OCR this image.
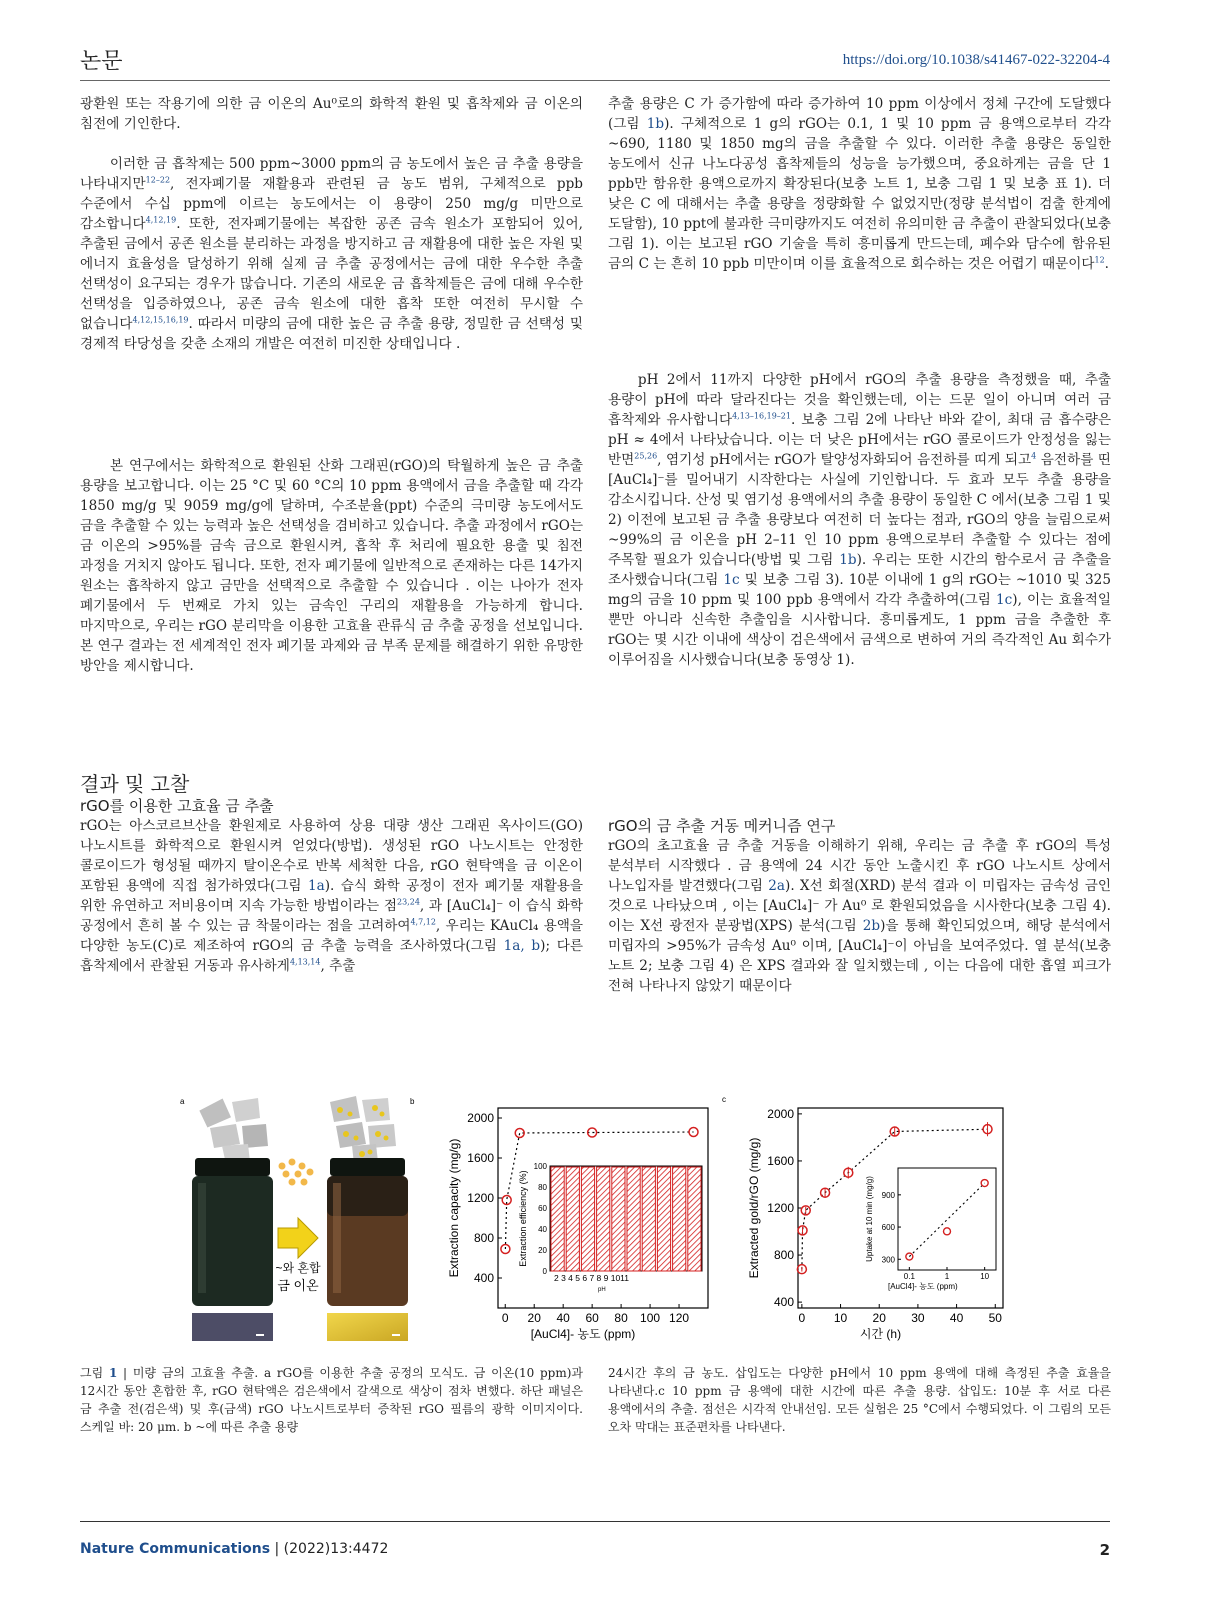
논문	https://doi.org/10.1038/s41467-022-32204-4

광환원 또는 작용기에 의한 금 이온의 Au⁰로의 화학적 환원 및 흡착제와 금 이온의 침전에 기인한다.

이러한 금 흡착제는 500 ppm~3000 ppm의 금 농도에서 높은 금 추출 용량을 나타내지만$^{12-22}$, 전자폐기물 재활용과 관련된 금 농도 범위, 구체적으로 ppb 수준에서 수십 ppm에 이르는 농도에서는 이 용량이 250 mg/g 미만으로 감소합니다$^{4,12,19}$. 또한, 전자폐기물에는 복잡한 공존 금속 원소가 포함되어 있어, 추출된 금에서 공존 원소를 분리하는 과정을 방지하고 금 재활용에 대한 높은 자원 및 에너지 효율성을 달성하기 위해 실제 금 추출 공정에서는 금에 대한 우수한 추출 선택성이 요구되는 경우가 많습니다. 기존의 새로운 금 흡착제들은 금에 대해 우수한 선택성을 입증하였으나, 공존 금속 원소에 대한 흡착 또한 여전히 무시할 수 없습니다$^{4,12,15,16,19}$. 따라서 미량의 금에 대한 높은 금 추출 용량, 정밀한 금 선택성 및 경제적 타당성을 갖춘 소재의 개발은 여전히 미진한 상태입니다 .

본 연구에서는 화학적으로 환원된 산화 그래핀(rGO)의 탁월하게 높은 금 추출 용량을 보고합니다. 이는 25 °C 및 60 °C의 10 ppm 용액에서 금을 추출할 때 각각 1850 mg/g 및 9059 mg/g에 달하며, 수조분율(ppt) 수준의 극미량 농도에서도 금을 추출할 수 있는 능력과 높은 선택성을 겸비하고 있습니다. 추출 과정에서 rGO는 금 이온의 >95%를 금속 금으로 환원시켜, 흡착 후 처리에 필요한 용출 및 침전 과정을 거치지 않아도 됩니다. 또한, 전자 폐기물에 일반적으로 존재하는 다른 14가지 원소는 흡착하지 않고 금만을 선택적으로 추출할 수 있습니다 . 이는 나아가 전자 폐기물에서 두 번째로 가치 있는 금속인 구리의 재활용을 가능하게 합니다. 마지막으로, 우리는 rGO 분리막을 이용한 고효율 관류식 금 추출 공정을 선보입니다. 본 연구 결과는 전 세계적인 전자 폐기물 과제와 금 부족 문제를 해결하기 위한 유망한 방안을 제시합니다.

추출 용량은 C 가 증가함에 따라 증가하여 10 ppm 이상에서 정체 구간에 도달했다(그림 1b). 구체적으로 1 g의 rGO는 0.1, 1 및 10 ppm 금 용액으로부터 각각 ~690, 1180 및 1850 mg의 금을 추출할 수 있다. 이러한 추출 용량은 동일한 농도에서 신규 나노다공성 흡착제들의 성능을 능가했으며, 중요하게는 금을 단 1 ppb만 함유한 용액으로까지 확장된다(보충 노트 1, 보충 그림 1 및 보충 표 1). 더 낮은 C 에 대해서는 추출 용량을 정량화할 수 없었지만(정량 분석법이 검출 한계에 도달함), 10 ppt에 불과한 극미량까지도 여전히 유의미한 금 추출이 관찰되었다(보충 그림 1). 이는 보고된 rGO 기술을 특히 흥미롭게 만드는데, 폐수와 담수에 함유된 금의 C 는 흔히 10 ppb 미만이며 이를 효율적으로 회수하는 것은 어렵기 때문이다$^{12}$.

pH 2에서 11까지 다양한 pH에서 rGO의 추출 용량을 측정했을 때, 추출 용량이 pH에 따라 달라진다는 것을 확인했는데, 이는 드문 일이 아니며 여러 금 흡착제와 유사합니다$^{4,13-16,19-21}$. 보충 그림 2에 나타난 바와 같이, 최대 금 흡수량은 pH ≈ 4에서 나타났습니다. 이는 더 낮은 pH에서는 rGO 콜로이드가 안정성을 잃는 반면$^{25,26}$, 염기성 pH에서는 rGO가 탈양성자화되어 음전하를 띠게 되고$^4$ 음전하를 띤 [AuCl₄]⁻를 밀어내기 시작한다는 사실에 기인합니다. 두 효과 모두 추출 용량을 감소시킵니다. 산성 및 염기성 용액에서의 추출 용량이 동일한 C 에서(보충 그림 1 및 2) 이전에 보고된 금 추출 용량보다 여전히 더 높다는 점과, rGO의 양을 늘림으로써 ~99%의 금 이온을 pH 2–11 인 10 ppm 용액으로부터 추출할 수 있다는 점에 주목할 필요가 있습니다(방법 및 그림 1b). 우리는 또한 시간의 함수로서 금 추출을 조사했습니다(그림 1c 및 보충 그림 3). 10분 이내에 1 g의 rGO는 ~1010 및 325 mg의 금을 10 ppm 및 100 ppb 용액에서 각각 추출하여(그림 1c), 이는 효율적일 뿐만 아니라 신속한 추출임을 시사합니다. 흥미롭게도, 1 ppm 금을 추출한 후 rGO는 몇 시간 이내에 색상이 검은색에서 금색으로 변하여 거의 즉각적인 Au 회수가 이루어짐을 시사했습니다(보충 동영상 1).

결과 및 고찰
rGO를 이용한 고효율 금 추출

rGO는 아스코르브산을 환원제로 사용하여 상용 대량 생산 그래핀 옥사이드(GO) 나노시트를 화학적으로 환원시켜 얻었다(방법). 생성된 rGO 나노시트는 안정한 콜로이드가 형성될 때까지 탈이온수로 반복 세척한 다음, rGO 현탁액을 금 이온이 포함된 용액에 직접 첨가하였다(그림 1a). 습식 화학 공정이 전자 폐기물 재활용을 위한 유연하고 저비용이며 지속 가능한 방법이라는 점$^{23,24}$, 과 [AuCl₄]⁻ 이 습식 화학 공정에서 흔히 볼 수 있는 금 착물이라는 점을 고려하여$^{4,7,12}$, 우리는 KAuCl₄ 용액을 다양한 농도(C)로 제조하여 rGO의 금 추출 능력을 조사하였다(그림 1a, b); 다른 흡착제에서 관찰된 거동과 유사하게$^{4,13,14}$, 추출

rGO의 금 추출 거동 메커니즘 연구

rGO의 초고효율 금 추출 거동을 이해하기 위해, 우리는 금 추출 후 rGO의 특성 분석부터 시작했다 . 금 용액에 24 시간 동안 노출시킨 후 rGO 나노시트 상에서 나노입자를 발견했다(그림 2a). X선 회절(XRD) 분석 결과 이 미립자는 금속성 금인 것으로 나타났으며 , 이는 [AuCl₄]⁻ 가 Au⁰ 로 환원되었음을 시사한다(보충 그림 4). 이는 X선 광전자 분광법(XPS) 분석(그림 2b)을 통해 확인되었으며, 해당 분석에서 미립자의 >95%가 금속성 Au⁰ 이며, [AuCl₄]⁻이 아님을 보여주었다. 열 분석(보충 노트 2; 보충 그림 4) 은 XPS 결과와 잘 일치했는데 , 이는 다음에 대한 흡열 피크가 전혀 나타나지 않았기 때문이다

a	b
~와 혼합
금 이온	400
800
1200
1600
2000
0 20 40 60 80 100 120
[AuCl4]- 농도 (ppm)
Extraction capacity (mg/g)	0
20
40
60
80
100
2 3 4 5 6 7 8 9 1011
pH
Extraction efficiency (%)
c
400
800
1200
1600
2000
0 10 20 30 40 50
시간 (h)
Extracted gold/rGO (mg/g)	300
600
900
0.1	1	10
[AuCl4]- 농도 (ppm)
Uptake at 10 min (mg/g)
그림 1 | 미량 금의 고효율 추출. a rGO를 이용한 추출 공정의 모식도. 금 이온(10 ppm)과 12시간 동안 혼합한 후, rGO 현탁액은 검은색에서 갈색으로 색상이 점차 변했다. 하단 패널은 금 추출 전(검은색) 및 후(금색) rGO 나노시트로부터 증착된 rGO 필름의 광학 이미지이다. 스케일 바: 20 μm. b ~에 따른 추출 용량
24시간 후의 금 농도. 삽입도는 다양한 pH에서 10 ppm 용액에 대해 측정된 추출 효율을 나타낸다.c 10 ppm 금 용액에 대한 시간에 따른 추출 용량. 삽입도: 10분 후 서로 다른 용액에서의 추출. 점선은 시각적 안내선임. 모든 실험은 25 °C에서 수행되었다. 이 그림의 모든 오차 막대는 표준편차를 나타낸다.
Nature Communications | (2022)13:4472	2
